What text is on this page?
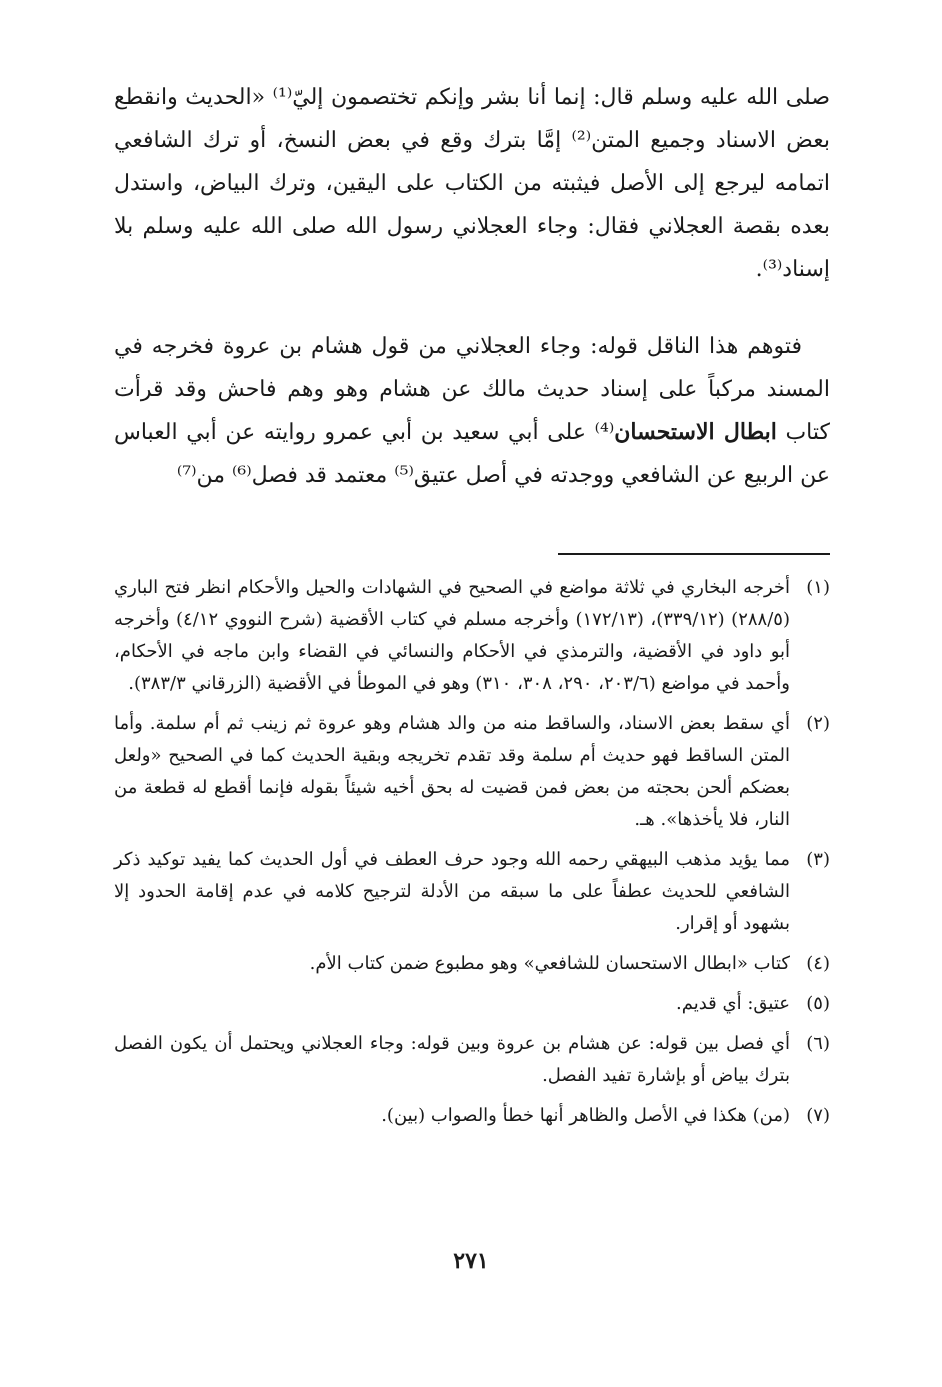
صلى الله عليه وسلم قال: إنما أنا بشر وإنكم تختصمون إليّ⁽¹⁾ «الحديث وانقطع بعض الاسناد وجميع المتن⁽²⁾ إمَّا بترك وقع في بعض النسخ، أو ترك الشافعي اتمامه ليرجع إلى الأصل فيثبته من الكتاب على اليقين، وترك البياض، واستدل بعده بقصة العجلاني فقال: وجاء العجلاني رسول الله صلى الله عليه وسلم بلا إسناد⁽³⁾.

فتوهم هذا الناقل قوله: وجاء العجلاني من قول هشام بن عروة فخرجه في المسند مركباً على إسناد حديث مالك عن هشام وهو وهم فاحش وقد قرأت كتاب ابطال الاستحسان⁽⁴⁾ على أبي سعيد بن أبي عمرو روايته عن أبي العباس عن الربيع عن الشافعي ووجدته في أصل عتيق⁽⁵⁾ معتمد قد فصل⁽⁶⁾ من⁽⁷⁾

(١)
أخرجه البخاري في ثلاثة مواضع في الصحيح في الشهادات والحيل والأحكام انظر فتح الباري (٢٨٨/٥) (٣٣٩/١٢)، (١٧٢/١٣) وأخرجه مسلم في كتاب الأقضية (شرح النووي ٤/١٢) وأخرجه أبو داود في الأقضية، والترمذي في الأحكام والنسائي في القضاء وابن ماجه في الأحكام، وأحمد في مواضع (٢٠٣/٦، ٢٩٠، ٣٠٨، ٣١٠) وهو في الموطأ في الأقضية (الزرقاني ٣٨٣/٣).
(٢)
أي سقط بعض الاسناد، والساقط منه من والد هشام وهو عروة ثم زينب ثم أم سلمة. وأما المتن الساقط فهو حديث أم سلمة وقد تقدم تخريجه وبقية الحديث كما في الصحيح «ولعل بعضكم ألحن بحجته من بعض فمن قضيت له بحق أخيه شيئاً بقوله فإنما أقطع له قطعة من النار، فلا يأخذها». هـ.
(٣)
مما يؤيد مذهب البيهقي رحمه الله وجود حرف العطف في أول الحديث كما يفيد توكيد ذكر الشافعي للحديث عطفاً على ما سبقه من الأدلة لترجيح كلامه في عدم إقامة الحدود إلا بشهود أو إقرار.
(٤)
كتاب «ابطال الاستحسان للشافعي» وهو مطبوع ضمن كتاب الأم.
(٥)
عتيق: أي قديم.
(٦)
أي فصل بين قوله: عن هشام بن عروة وبين قوله: وجاء العجلاني ويحتمل أن يكون الفصل بترك بياض أو بإشارة تفيد الفصل.
(٧)
(من) هكذا في الأصل والظاهر أنها خطأ والصواب (بين).
٢٧١
